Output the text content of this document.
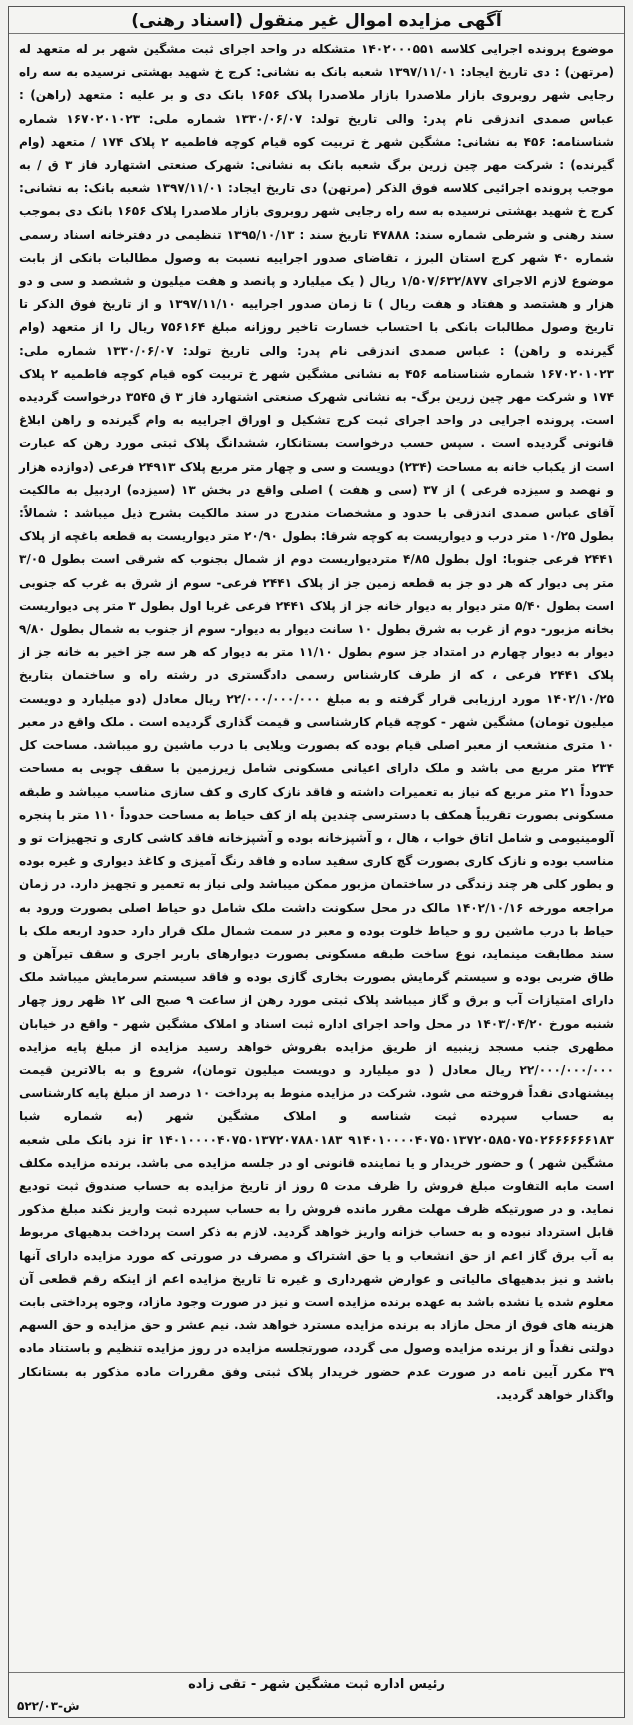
آگهی مزایده اموال غیر منقول (اسناد رهنی)

موضوع پرونده اجرایی کلاسه ۱۴۰۲۰۰۰۵۵۱ متشکله در واحد اجرای ثبت مشگین شهر بر له متعهد له (مرتهن) : دی تاریخ ایجاد: ۱۳۹۷/۱۱/۰۱ شعبه بانک به نشانی: کرج خ شهید بهشتی نرسیده به سه راه رجایی شهر روبروی بازار ملاصدرا بازار ملاصدرا پلاک ۱۶۵۶ بانک دی و بر علیه : متعهد (راهن) : عباس صمدی اندزقی نام پدر: والی تاریخ تولد: ۱۳۳۰/۰۶/۰۷ شماره ملی: ۱۶۷۰۲۰۱۰۲۳ شماره شناسنامه: ۴۵۶ به نشانی: مشگین شهر خ تربیت کوه قیام کوچه فاطمیه ۲ پلاک ۱۷۴ / متعهد (وام گیرنده) : شرکت مهر چین زرین برگ شعبه بانک به نشانی: شهرک صنعتی اشتهارد فاز ۳ ق / به موجب پرونده اجرائیی کلاسه فوق الذکر (مرتهن) دی تاریخ ایجاد: ۱۳۹۷/۱۱/۰۱ شعبه بانک: به نشانی: کرج خ شهید بهشتی نرسیده به سه راه رجایی شهر روبروی بازار ملاصدرا پلاک ۱۶۵۶ بانک دی بموجب سند رهنی و شرطی شماره سند: ۴۷۸۸۸ تاریخ سند : ۱۳۹۵/۱۰/۱۳ تنظیمی در دفترخانه اسناد رسمی شماره ۴۰ شهر کرج استان البرز ، تقاضای صدور اجراییه نسبت به وصول مطالبات بانکی از بابت موضوع لازم الاجرای ۱/۵۰۷/۶۳۲/۸۷۷ ریال ( یک میلیارد و پانصد و هفت میلیون و ششصد و سی و دو هزار و هشتصد و هفتاد و هفت ریال ) تا زمان صدور اجراییه ۱۳۹۷/۱۱/۱۰ و از تاریخ فوق الذکر تا تاریخ وصول مطالبات بانکی با احتساب خسارت تاخیر روزانه مبلغ ۷۵۶۱۶۴ ریال را از متعهد (وام گیرنده و راهن) : عباس صمدی اندزقی نام پدر: والی تاریخ تولد: ۱۳۳۰/۰۶/۰۷ شماره ملی: ۱۶۷۰۲۰۱۰۲۳ شماره شناسنامه ۴۵۶ به نشانی مشگین شهر خ تربیت کوه قیام کوچه فاطمیه ۲ پلاک ۱۷۴ و شرکت مهر چین زرین برگ- به نشانی شهرک صنعتی اشتهارد فاز ۳ ق ۳۵۴۵ درخواست گردیده است. پرونده اجرایی در واحد اجرای ثبت کرج تشکیل و اوراق اجراییه به وام گیرنده و راهن ابلاغ قانونی گردیده است . سپس حسب درخواست بستانکار، ششدانگ پلاک ثبتی مورد رهن که عبارت است از یکباب خانه به مساحت (۲۳۴) دویست و سی و چهار متر مربع پلاک ۲۴۹۱۳ فرعی (دوازده هزار و نهصد و سیزده فرعی ) از ۳۷ (سی و هفت ) اصلی واقع در بخش ۱۳ (سیزده) اردبیل به مالکیت آقای عباس صمدی اندزقی با حدود و مشخصات مندرج در سند مالکیت بشرح ذیل میباشد : شمالاً: بطول ۱۰/۲۵ متر درب و دیواریست به کوچه شرقا: بطول ۲۰/۹۰ متر دیواریست به قطعه باغچه از پلاک ۲۴۴۱ فرعی جنوبا: اول بطول ۴/۸۵ متردیواریست دوم از شمال بجنوب که شرقی است بطول ۳/۰۵ متر پی دیوار که هر دو جز به قطعه زمین جز از پلاک ۲۴۴۱ فرعی- سوم از شرق به غرب که جنوبی است بطول ۵/۴۰ متر دیوار به دیوار خانه جز از پلاک ۲۴۴۱ فرعی غربا اول بطول ۳ متر پی دیواریست بخانه مزبور- دوم از غرب به شرق بطول ۱۰ سانت دیوار به دیوار- سوم از جنوب به شمال بطول ۹/۸۰ دیوار به دیوار چهارم در امتداد جز سوم بطول ۱۱/۱۰ متر به دیوار که هر سه جز اخیر به خانه جز از پلاک ۲۴۴۱ فرعی ، که از طرف کارشناس رسمی دادگستری در رشته راه و ساختمان بتاریخ ۱۴۰۲/۱۰/۲۵ مورد ارزیابی قرار گرفته و به مبلغ ۲۲/۰۰۰/۰۰۰/۰۰۰ ریال معادل (دو میلیارد و دویست میلیون تومان) مشگین شهر - کوچه قیام کارشناسی و قیمت گذاری گردیده است . ملک واقع در معبر ۱۰ متری منشعب از معبر اصلی قیام بوده که بصورت ویلایی با درب ماشین رو میباشد. مساحت کل ۲۳۴ متر مربع می باشد و ملک دارای اعیانی مسکونی شامل زیرزمین با سقف چوبی به مساحت حدوداً ۲۱ متر مربع که نیاز به تعمیرات داشته و فاقد نازک کاری و کف سازی مناسب میباشد و طبقه مسکونی بصورت تقریباً همکف با دسترسی چندین پله از کف حیاط به مساحت حدوداً ۱۱۰ متر با پنجره آلومینیومی و شامل اتاق خواب ، هال ، و آشپزخانه بوده و آشپزخانه فاقد کاشی کاری و تجهیزات تو و مناسب بوده و نازک کاری بصورت گچ کاری سفید ساده و فاقد رنگ آمیزی و کاغذ دیواری و غیره بوده و بطور کلی هر چند زندگی در ساختمان مزبور ممکن میباشد ولی نیاز به تعمیر و تجهیز دارد. در زمان مراجعه مورخه ۱۴۰۲/۱۰/۱۶ مالک در محل سکونت داشت ملک شامل دو حیاط اصلی بصورت ورود به حیاط با درب ماشین رو و حیاط خلوت بوده و معبر در سمت شمال ملک قرار دارد حدود اربعه ملک با سند مطابقت مینماید، نوع ساخت طبقه مسکونی بصورت دیوارهای باربر اجری و سقف تیرآهن و طاق ضربی بوده و سیستم گرمایش بصورت بخاری گازی بوده و فاقد سیستم سرمایش میباشد ملک دارای امتیازات آب و برق و گاز میباشد پلاک ثبتی مورد رهن از ساعت ۹ صبح الی ۱۲ ظهر روز چهار شنبه مورخ ۱۴۰۳/۰۴/۲۰ در محل واحد اجرای اداره ثبت اسناد و املاک مشگین شهر - واقع در خیابان مطهری جنب مسجد زینبیه از طریق مزایده بفروش خواهد رسید مزایده از مبلغ پایه مزایده ۲۲/۰۰۰/۰۰۰/۰۰۰ ریال معادل ( دو میلیارد و دویست میلیون تومان)، شروع و به بالاترین قیمت پیشنهادی نقداً فروخته می شود. شرکت در مزایده منوط به پرداخت ۱۰ درصد از مبلغ پایه کارشناسی به حساب سپرده ثبت شناسه و املاک مشگین شهر (به شماره شبا ۹۱۴۰۱۰۰۰۰۴۰۷۵۰۱۳۷۲۰۵۸۵۰۷۵۰۲۶۶۶۶۶۶۱۸۳ ir ۱۴۰۱۰۰۰۰۴۰۷۵۰۱۳۷۲۰۷۸۸۰۱۸۳ نزد بانک ملی شعبه مشگین شهر ) و حضور خریدار و یا نماینده قانونی او در جلسه مزایده می باشد. برنده مزایده مکلف است مابه التفاوت مبلغ فروش را ظرف مدت ۵ روز از تاریخ مزایده به حساب صندوق ثبت تودیع نماید. و در صورتیکه ظرف مهلت مقرر مانده فروش را به حساب سپرده ثبت واریز نکند مبلغ مذکور قابل استرداد نبوده و به حساب خزانه واریز خواهد گردید. لازم به ذکر است پرداخت بدهیهای مربوط به آب برق گاز اعم از حق انشعاب و یا حق اشتراک و مصرف در صورتی که مورد مزایده دارای آنها باشد و نیز بدهیهای مالیاتی و عوارض شهرداری و غیره تا تاریخ مزایده اعم از اینکه رقم قطعی آن معلوم شده یا نشده باشد به عهده برنده مزایده است و نیز در صورت وجود مازاد، وجوه پرداختی بابت هزینه های فوق از محل مازاد به برنده مزایده مسترد خواهد شد. نیم عشر و حق مزایده و حق السهم دولتی نقداً و از برنده مزایده وصول می گردد، صورتجلسه مزایده در روز مزایده تنظیم و باستناد ماده ۳۹ مکرر آیین نامه در صورت عدم حضور خریدار پلاک ثبتی وفق مقررات ماده مذکور به بستانکار واگذار خواهد گردید.

رئیس اداره ثبت مشگین شهر - تقی زاده
۵۲۲/۰۳-ش
